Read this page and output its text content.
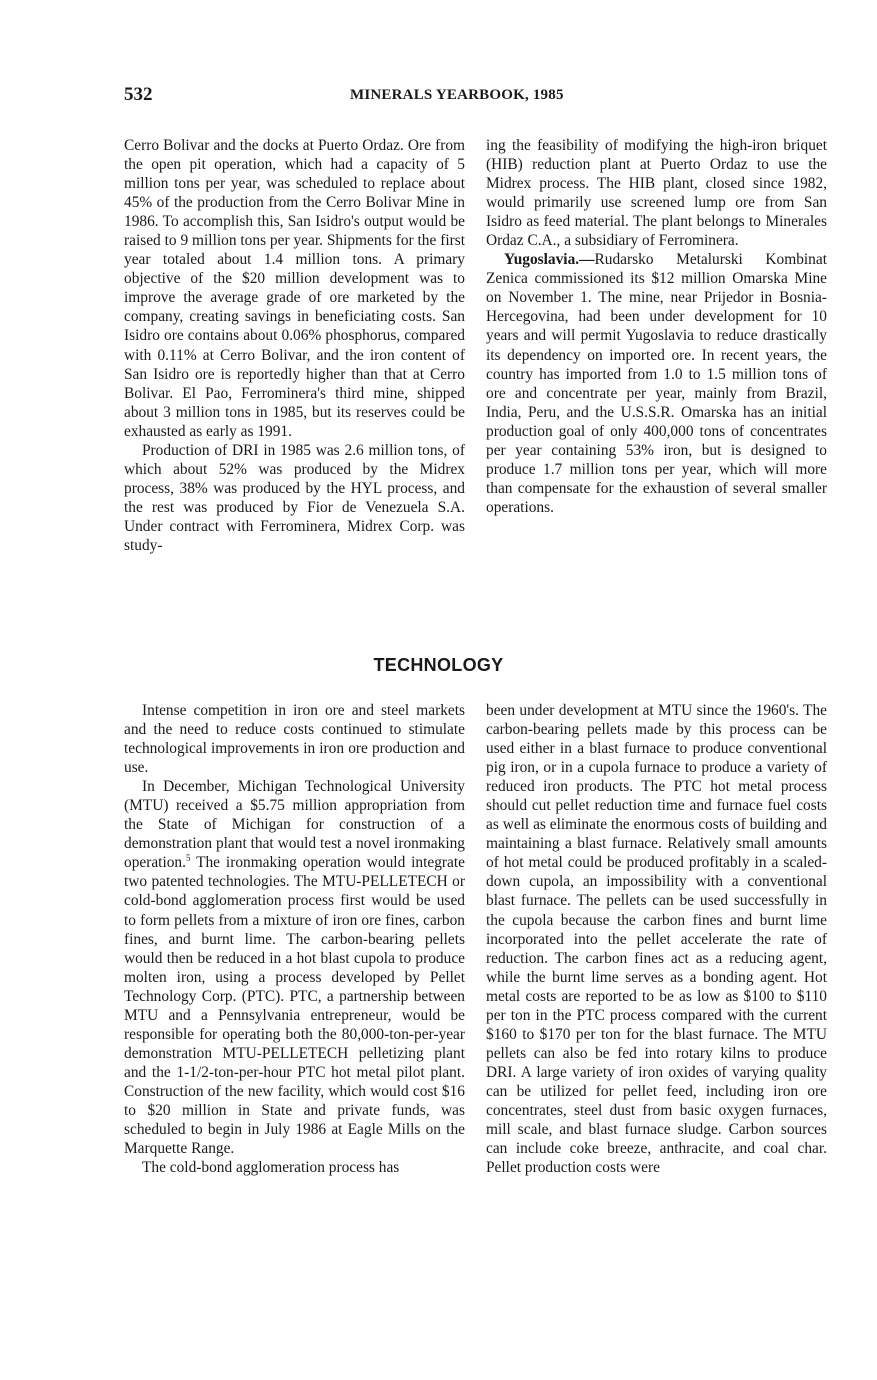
532	MINERALS YEARBOOK, 1985

Cerro Bolivar and the docks at Puerto Ordaz. Ore from the open pit operation, which had a capacity of 5 million tons per year, was scheduled to replace about 45% of the production from the Cerro Bolivar Mine in 1986. To accomplish this, San Isidro's output would be raised to 9 million tons per year. Shipments for the first year totaled about 1.4 million tons. A primary objective of the $20 million development was to improve the average grade of ore marketed by the company, creating savings in beneficiating costs. San Isidro ore contains about 0.06% phosphorus, compared with 0.11% at Cerro Bolivar, and the iron content of San Isidro ore is reportedly higher than that at Cerro Bolivar. El Pao, Ferrominera's third mine, shipped about 3 million tons in 1985, but its reserves could be exhausted as early as 1991.

Production of DRI in 1985 was 2.6 million tons, of which about 52% was produced by the Midrex process, 38% was produced by the HYL process, and the rest was produced by Fior de Venezuela S.A. Under contract with Ferrominera, Midrex Corp. was study-

ing the feasibility of modifying the high-iron briquet (HIB) reduction plant at Puerto Ordaz to use the Midrex process. The HIB plant, closed since 1982, would primarily use screened lump ore from San Isidro as feed material. The plant belongs to Minerales Ordaz C.A., a subsidiary of Ferrominera.

Yugoslavia.—Rudarsko Metalurski Kombinat Zenica commissioned its $12 million Omarska Mine on November 1. The mine, near Prijedor in Bosnia-Hercegovina, had been under development for 10 years and will permit Yugoslavia to reduce drastically its dependency on imported ore. In recent years, the country has imported from 1.0 to 1.5 million tons of ore and concentrate per year, mainly from Brazil, India, Peru, and the U.S.S.R. Omarska has an initial production goal of only 400,000 tons of concentrates per year containing 53% iron, but is designed to produce 1.7 million tons per year, which will more than compensate for the exhaustion of several smaller operations.

TECHNOLOGY

Intense competition in iron ore and steel markets and the need to reduce costs continued to stimulate technological improvements in iron ore production and use.

In December, Michigan Technological University (MTU) received a $5.75 million appropriation from the State of Michigan for construction of a demonstration plant that would test a novel ironmaking operation.$^5$ The ironmaking operation would integrate two patented technologies. The MTU-PELLETECH or cold-bond agglomeration process first would be used to form pellets from a mixture of iron ore fines, carbon fines, and burnt lime. The carbon-bearing pellets would then be reduced in a hot blast cupola to produce molten iron, using a process developed by Pellet Technology Corp. (PTC). PTC, a partnership between MTU and a Pennsylvania entrepreneur, would be responsible for operating both the 80,000-ton-per-year demonstration MTU-PELLETECH pelletizing plant and the 1-1/2-ton-per-hour PTC hot metal pilot plant. Construction of the new facility, which would cost $16 to $20 million in State and private funds, was scheduled to begin in July 1986 at Eagle Mills on the Marquette Range.

The cold-bond agglomeration process has

been under development at MTU since the 1960's. The carbon-bearing pellets made by this process can be used either in a blast furnace to produce conventional pig iron, or in a cupola furnace to produce a variety of reduced iron products. The PTC hot metal process should cut pellet reduction time and furnace fuel costs as well as eliminate the enormous costs of building and maintaining a blast furnace. Relatively small amounts of hot metal could be produced profitably in a scaled-down cupola, an impossibility with a conventional blast furnace. The pellets can be used successfully in the cupola because the carbon fines and burnt lime incorporated into the pellet accelerate the rate of reduction. The carbon fines act as a reducing agent, while the burnt lime serves as a bonding agent. Hot metal costs are reported to be as low as $100 to $110 per ton in the PTC process compared with the current $160 to $170 per ton for the blast furnace. The MTU pellets can also be fed into rotary kilns to produce DRI. A large variety of iron oxides of varying quality can be utilized for pellet feed, including iron ore concentrates, steel dust from basic oxygen furnaces, mill scale, and blast furnace sludge. Carbon sources can include coke breeze, anthracite, and coal char. Pellet production costs were
